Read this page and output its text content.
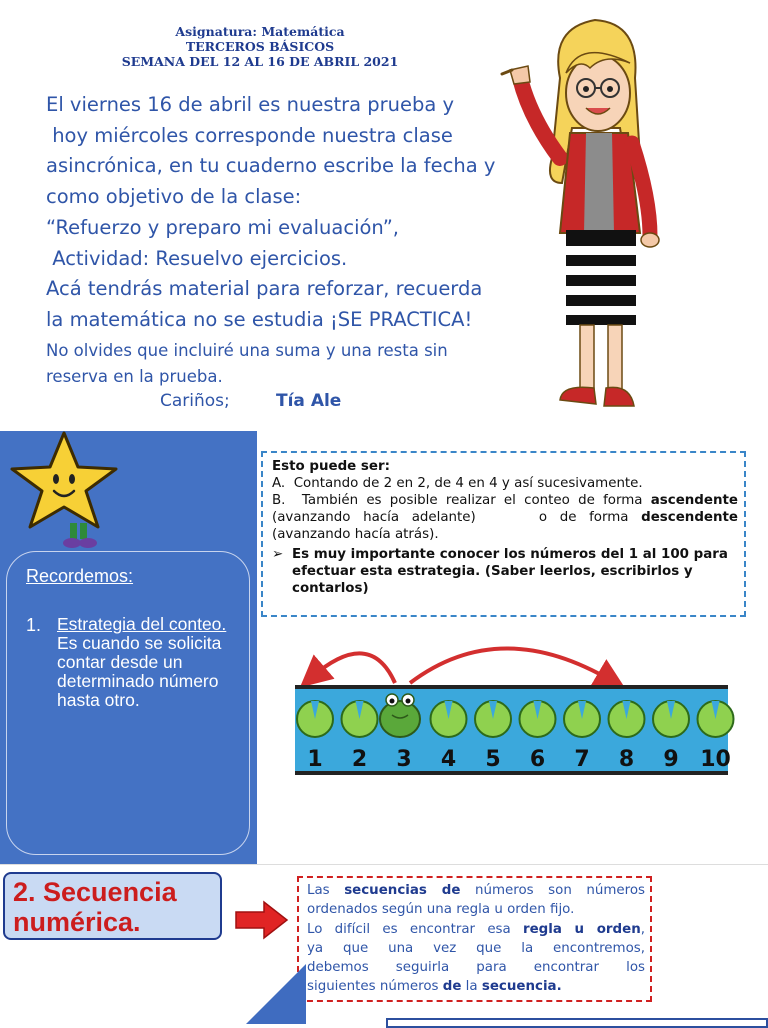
Asignatura: Matemática
TERCEROS BÁSICOS
SEMANA DEL 12 AL 16 DE ABRIL 2021
El viernes 16 de abril es nuestra prueba y
hoy miércoles corresponde nuestra clase
asincrónica, en tu cuaderno escribe la fecha y
como objetivo de la clase:
“Refuerzo y preparo mi evaluación”,
Actividad: Resuelvo ejercicios.
Acá tendrás material para reforzar, recuerda
la matemática no se estudia ¡SE PRACTICA!
No olvides que incluiré una suma y una resta sin
reserva en la prueba.
Cariños;	Tía Ale
Recordemos:
1. Estrategia del conteo. Es cuando se solicita contar desde un determinado número hasta otro.
Esto puede ser:
A.  Contando de 2 en 2, de 4 en 4 y así sucesivamente.
B.  También es posible realizar el conteo de forma ascendente
(avanzando hacía adelante)     o de forma descendente
(avanzando hacía atrás).
➢ Es muy importante conocer los números del 1 al 100 para efectuar esta estrategia. (Saber leerlos, escribirlos y contarlos)
1 2 3 4 5 6 7 8 9 10
2. Secuencia
numérica.
Las secuencias de números son números
ordenados según una regla u orden fijo.
Lo difícil es encontrar esa regla u orden,
ya que una vez que la encontremos,
debemos seguirla para encontrar los
siguientes números de la secuencia.
